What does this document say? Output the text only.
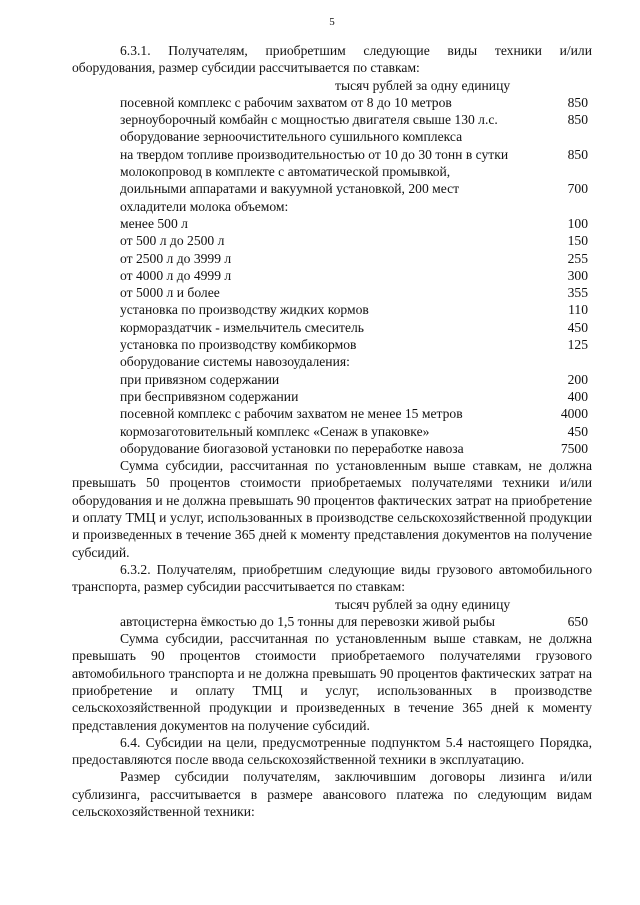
5

6.3.1. Получателям, приобретшим следующие виды техники и/или оборудования, размер субсидии рассчитывается по ставкам:

тысяч рублей за одну единицу

посевной комплекс с рабочим захватом от 8 до 10 метров	850
зерноуборочный комбайн с мощностью двигателя свыше 130 л.с.	850
оборудование зерноочистительного сушильного комплекса
на твердом топливе производительностью от 10 до 30 тонн в сутки	850
молокопровод в комплекте с автоматической промывкой,
доильными аппаратами и вакуумной установкой, 200 мест	700
охладители молока объемом:
менее 500 л	100
от 500 л до 2500 л	150
от 2500 л до 3999 л	255
от 4000 л до 4999 л	300
от 5000 л и более	355
установка по производству жидких кормов	110
кормораздатчик - измельчитель смеситель	450
установка по производству комбикормов	125
оборудование системы навозоудаления:
при привязном содержании	200
при беспривязном содержании	400
посевной комплекс с рабочим захватом не менее 15 метров	4000
кормозаготовительный комплекс «Сенаж в упаковке»	450
оборудование биогазовой установки по переработке навоза	7500

Сумма субсидии, рассчитанная по установленным выше ставкам, не должна превышать 50 процентов стоимости приобретаемых получателями техники и/или оборудования и не должна превышать 90 процентов фактических затрат на приобретение и оплату ТМЦ и услуг, использованных в производстве сельскохозяйственной продукции и произведенных в течение 365 дней к моменту представления документов на получение субсидий.

6.3.2. Получателям, приобретшим следующие виды грузового автомобильного транспорта, размер субсидии рассчитывается по ставкам:

тысяч рублей за одну единицу

автоцистерна ёмкостью до 1,5 тонны для перевозки живой рыбы	650

Сумма субсидии, рассчитанная по установленным выше ставкам, не должна превышать 90 процентов стоимости приобретаемого получателями грузового автомобильного транспорта и не должна превышать 90 процентов фактических затрат на приобретение и оплату ТМЦ и услуг, использованных в производстве сельскохозяйственной продукции и произведенных в течение 365 дней к моменту представления документов на получение субсидий.

6.4. Субсидии на цели, предусмотренные подпунктом 5.4 настоящего Порядка, предоставляются после ввода сельскохозяйственной техники в эксплуатацию.

Размер субсидии получателям, заключившим договоры лизинга и/или сублизинга, рассчитывается в размере авансового платежа по следующим видам сельскохозяйственной техники:
